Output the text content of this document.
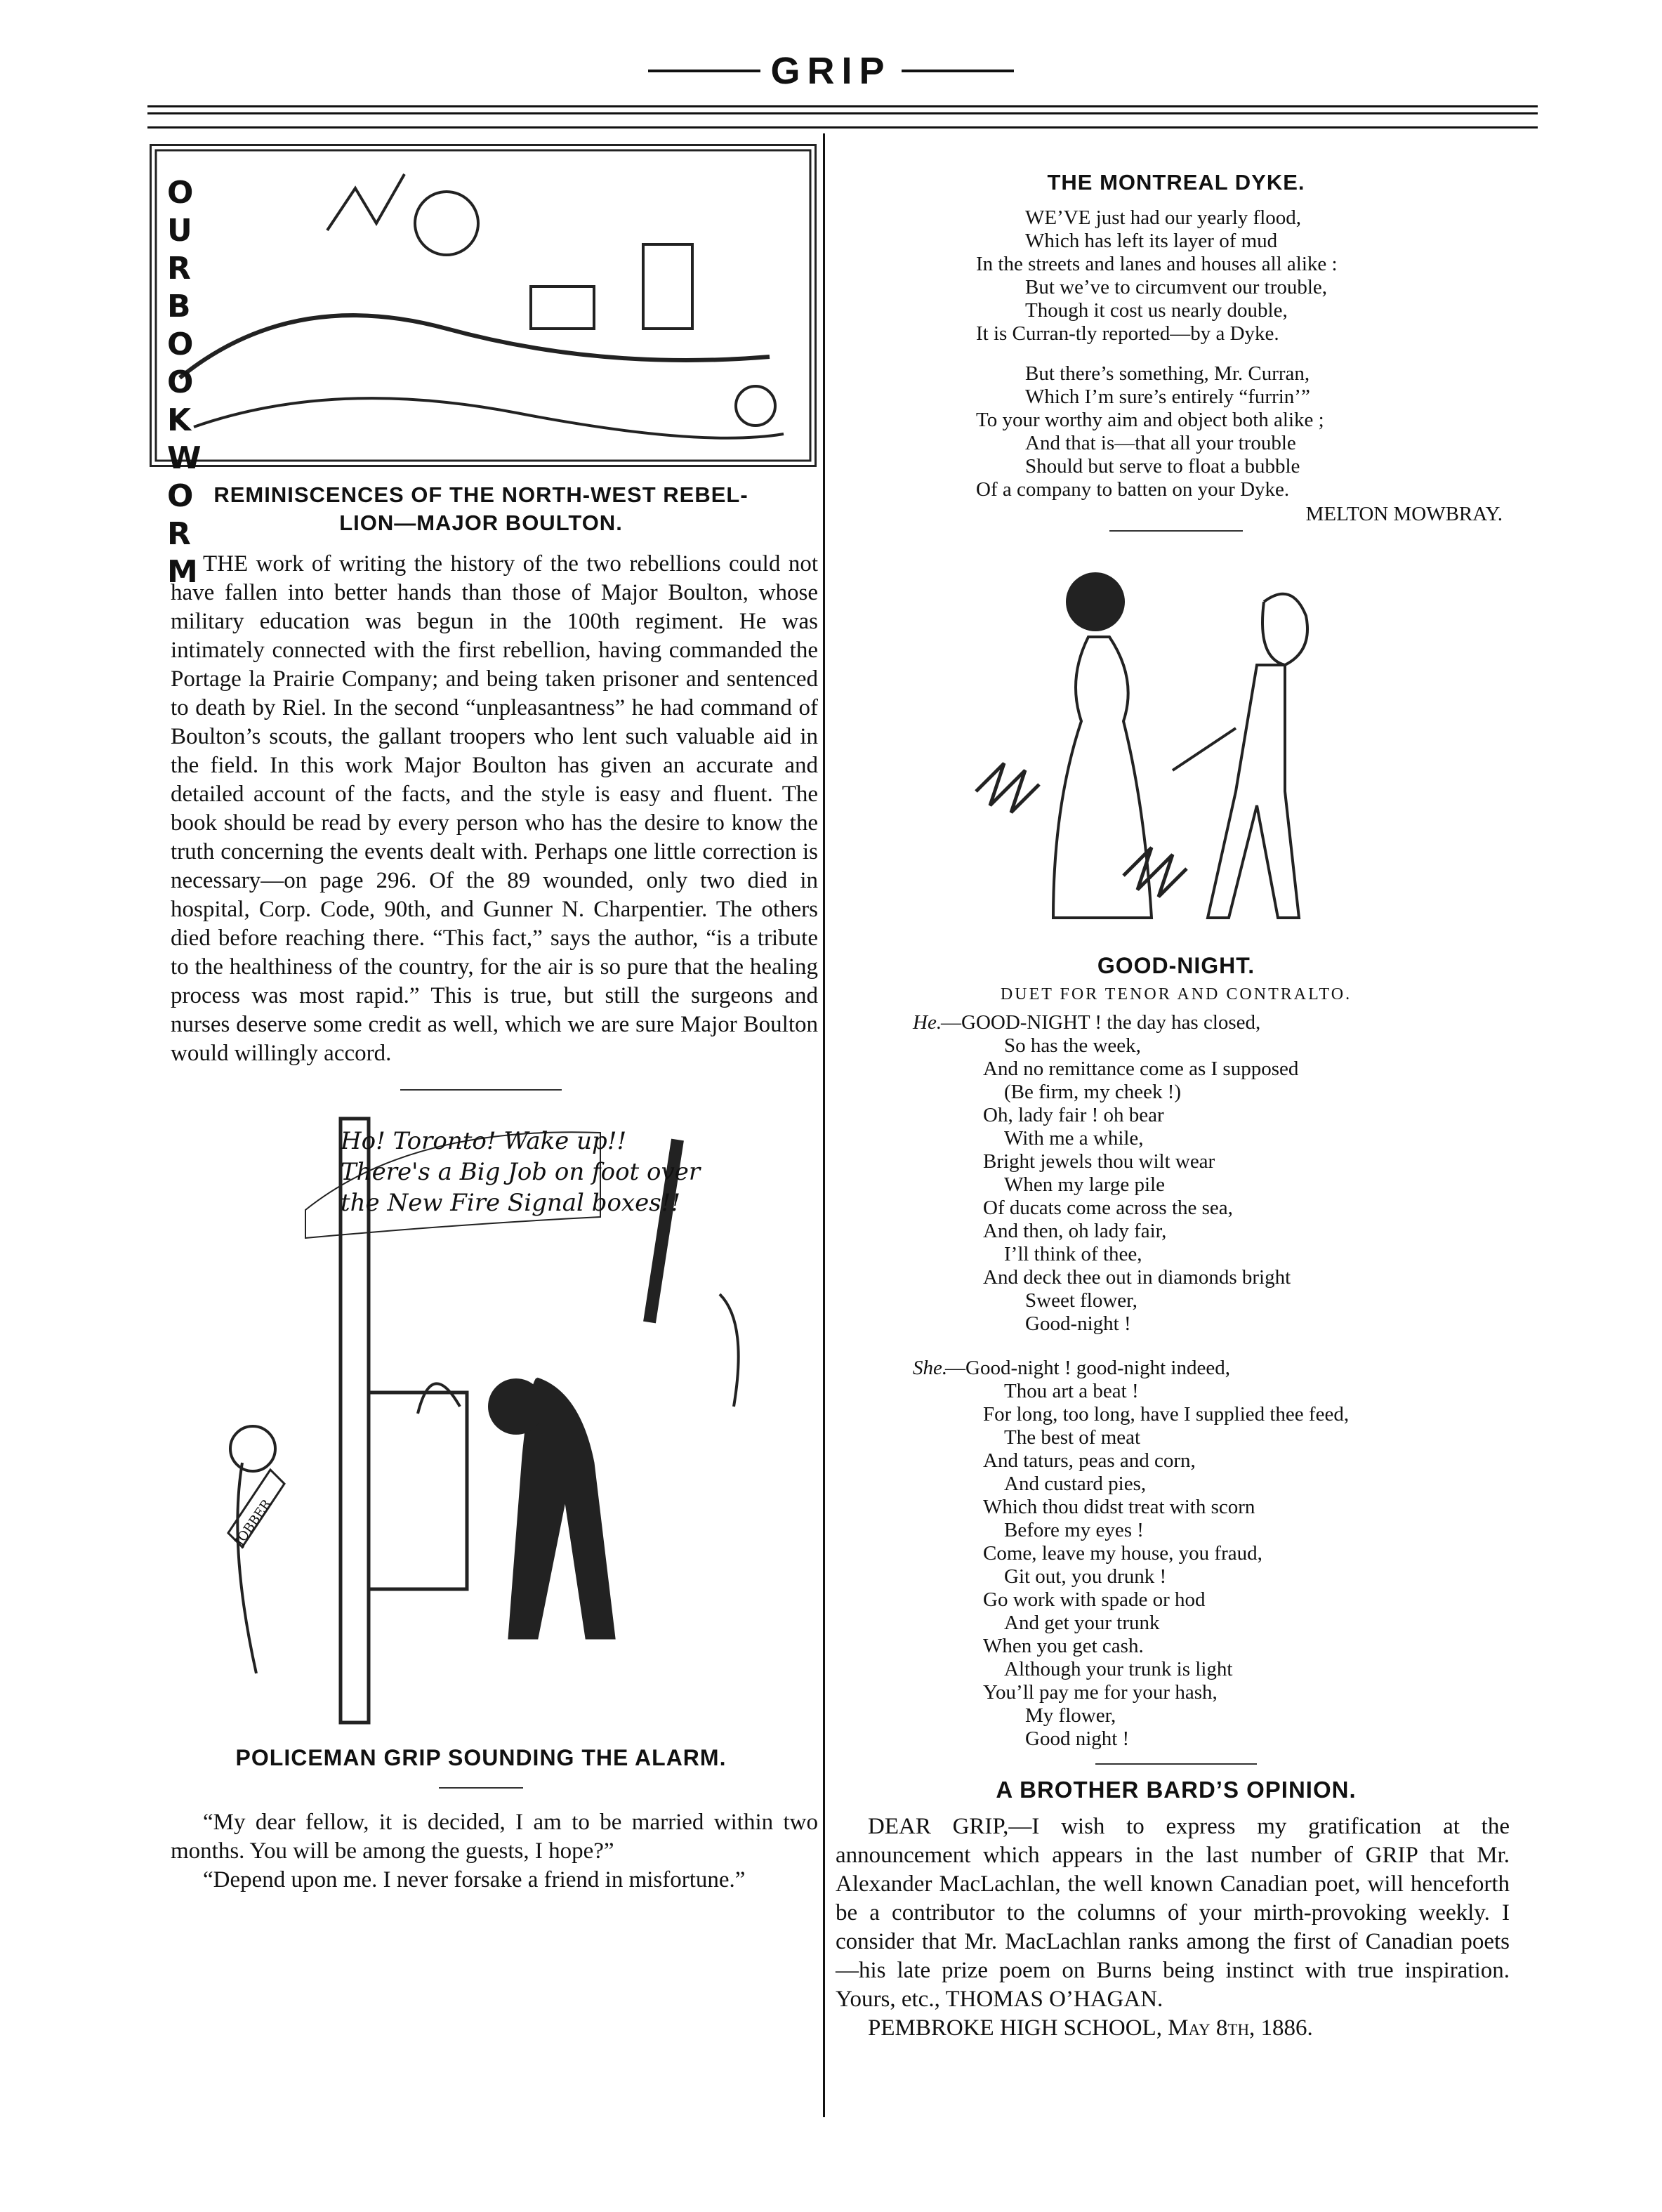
GRIP
OUR BOOKWORM
REMINISCENCES OF THE NORTH-WEST REBEL-
LION—MAJOR BOULTON.

THE work of writing the history of the two rebellions could not have fallen into better hands than those of Major Boulton, whose military education was begun in the 100th regiment. He was intimately connected with the first rebellion, having commanded the Portage la Prairie Company; and being taken prisoner and sentenced to death by Riel. In the second “unpleasantness” he had command of Boulton’s scouts, the gallant troopers who lent such valuable aid in the field. In this work Major Boulton has given an accurate and detailed account of the facts, and the style is easy and fluent. The book should be read by every person who has the desire to know the truth concerning the events dealt with. Perhaps one little correction is necessary—on page 296. Of the 89 wounded, only two died in hospital, Corp. Code, 90th, and Gunner N. Charpentier. The others died before reaching there. “This fact,” says the author, “is a tribute to the healthiness of the country, for the air is so pure that the healing process was most rapid.” This is true, but still the surgeons and nurses deserve some credit as well, which we are sure Major Boulton would willingly accord.

Ho! Toronto! Wake up!!
There's a Big Job on foot over
the New Fire Signal boxes!!
JOBBER
POLICEMAN GRIP SOUNDING THE ALARM.

“My dear fellow, it is decided, I am to be married within two months. You will be among the guests, I hope?”

“Depend upon me. I never forsake a friend in misfortune.”

THE MONTREAL DYKE.
WE’VE just had our yearly flood,
Which has left its layer of mud
In the streets and lanes and houses all alike :
But we’ve to circumvent our trouble,
Though it cost us nearly double,
It is Curran-tly reported—by a Dyke.
But there’s something, Mr. Curran,
Which I’m sure’s entirely “furrin’”
To your worthy aim and object both alike ;
And that is—that all your trouble
Should but serve to float a bubble
Of a company to batten on your Dyke.
MELTON MOWBRAY.
GOOD-NIGHT.
DUET FOR TENOR AND CONTRALTO.
He.
—GOOD-NIGHT ! the day has closed,
So has the week,
And no remittance come as I supposed
(Be firm, my cheek !)
Oh, lady fair ! oh bear
With me a while,
Bright jewels thou wilt wear
When my large pile
Of ducats come across the sea,
And then, oh lady fair,
I’ll think of thee,
And deck thee out in diamonds bright
Sweet flower,
Good-night !
She.
—Good-night ! good-night indeed,
Thou art a beat !
For long, too long, have I supplied thee feed,
The best of meat
And taturs, peas and corn,
And custard pies,
Which thou didst treat with scorn
Before my eyes !
Come, leave my house, you fraud,
Git out, you drunk !
Go work with spade or hod
And get your trunk
When you get cash.
Although your trunk is light
You’ll pay me for your hash,
My flower,
Good night !
A BROTHER BARD’S OPINION.

DEAR GRIP,—I wish to express my gratification at the announcement which appears in the last number of GRIP that Mr. Alexander MacLachlan, the well known Canadian poet, will henceforth be a contributor to the columns of your mirth-provoking weekly. I consider that Mr. MacLachlan ranks among the first of Canadian poets—his late prize poem on Burns being instinct with true inspiration. Yours, etc., THOMAS O’HAGAN.

PEMBROKE HIGH SCHOOL, May 8th, 1886.
